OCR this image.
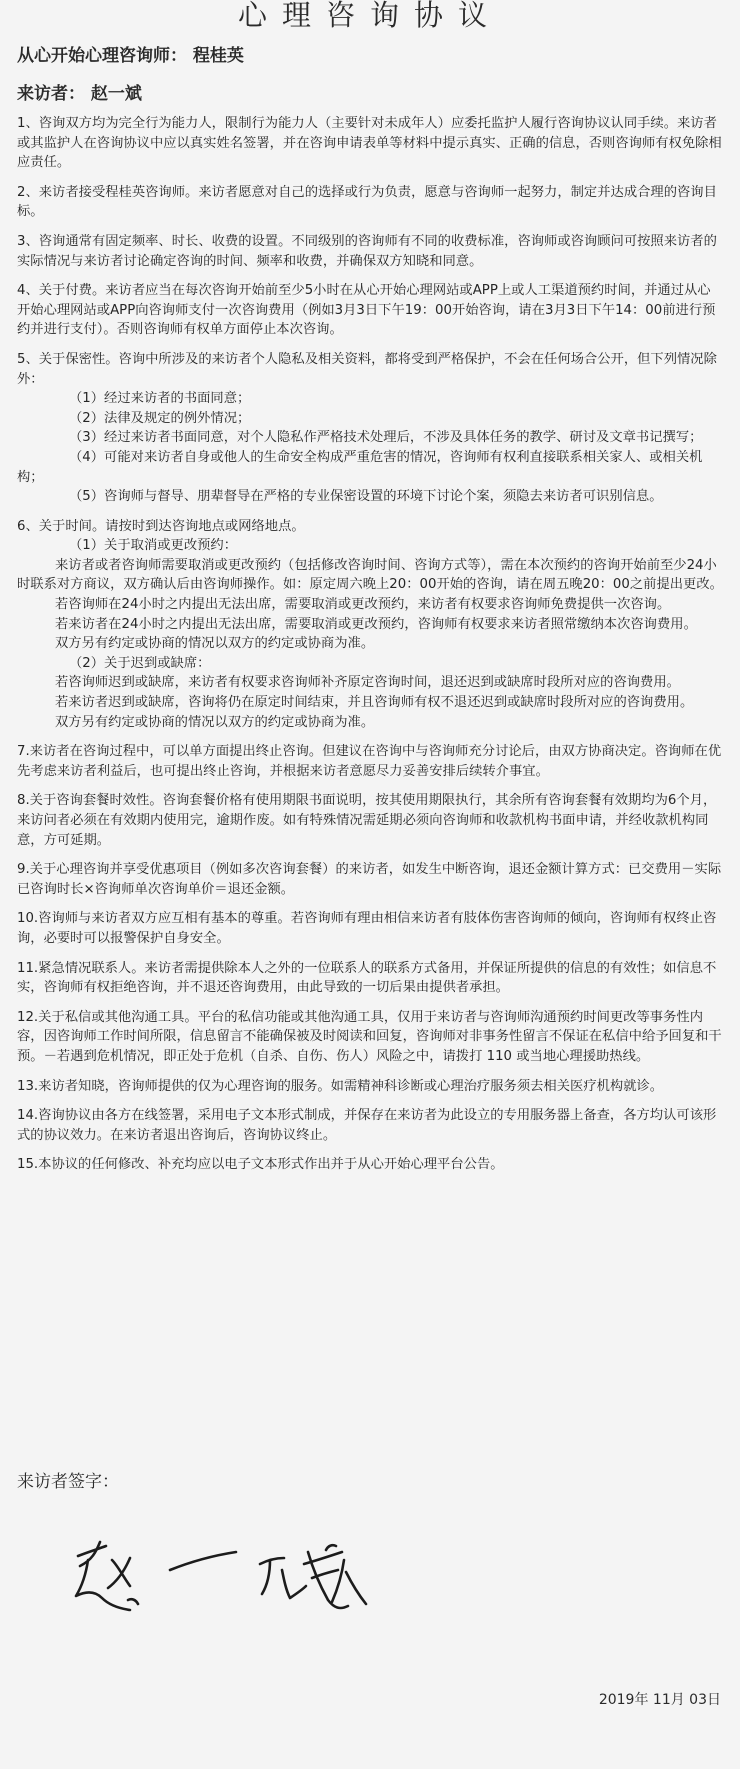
心理咨询协议
从心开始心理咨询师： 程桂英
来访者： 赵一斌

1、咨询双方均为完全行为能力人，限制行为能力人（主要针对未成年人）应委托监护人履行咨询协议认同手续。来访者或其监护人在咨询协议中应以真实姓名签署，并在咨询申请表单等材料中提示真实、正确的信息，否则咨询师有权免除相应责任。

2、来访者接受程桂英咨询师。来访者愿意对自己的选择或行为负责，愿意与咨询师一起努力，制定并达成合理的咨询目标。

3、咨询通常有固定频率、时长、收费的设置。不同级别的咨询师有不同的收费标准，咨询师或咨询顾问可按照来访者的实际情况与来访者讨论确定咨询的时间、频率和收费，并确保双方知晓和同意。

4、关于付费。来访者应当在每次咨询开始前至少5小时在从心开始心理网站或APP上或人工渠道预约时间，并通过从心开始心理网站或APP向咨询师支付一次咨询费用（例如3月3日下午19：00开始咨询，请在3月3日下午14：00前进行预约并进行支付）。否则咨询师有权单方面停止本次咨询。

5、关于保密性。咨询中所涉及的来访者个人隐私及相关资料，都将受到严格保护，不会在任何场合公开，但下列情况除外：

（1）经过来访者的书面同意；

（2）法律及规定的例外情况；

（3）经过来访者书面同意，对个人隐私作严格技术处理后，不涉及具体任务的教学、研讨及文章书记撰写；

（4）可能对来访者自身或他人的生命安全构成严重危害的情况，咨询师有权利直接联系相关家人、或相关机构；

（5）咨询师与督导、朋辈督导在严格的专业保密设置的环境下讨论个案，须隐去来访者可识别信息。

6、关于时间。请按时到达咨询地点或网络地点。

（1）关于取消或更改预约：

来访者或者咨询师需要取消或更改预约（包括修改咨询时间、咨询方式等），需在本次预约的咨询开始前至少24小时联系对方商议，双方确认后由咨询师操作。如：原定周六晚上20：00开始的咨询，请在周五晚20：00之前提出更改。

若咨询师在24小时之内提出无法出席，需要取消或更改预约，来访者有权要求咨询师免费提供一次咨询。

若来访者在24小时之内提出无法出席，需要取消或更改预约，咨询师有权要求来访者照常缴纳本次咨询费用。

双方另有约定或协商的情况以双方的约定或协商为准。

（2）关于迟到或缺席：

若咨询师迟到或缺席，来访者有权要求咨询师补齐原定咨询时间，退还迟到或缺席时段所对应的咨询费用。

若来访者迟到或缺席，咨询将仍在原定时间结束，并且咨询师有权不退还迟到或缺席时段所对应的咨询费用。

双方另有约定或协商的情况以双方的约定或协商为准。

7.来访者在咨询过程中，可以单方面提出终止咨询。但建议在咨询中与咨询师充分讨论后，由双方协商决定。咨询师在优先考虑来访者利益后，也可提出终止咨询，并根据来访者意愿尽力妥善安排后续转介事宜。

8.关于咨询套餐时效性。咨询套餐价格有使用期限书面说明，按其使用期限执行，其余所有咨询套餐有效期均为6个月，来访问者必须在有效期内使用完，逾期作废。如有特殊情况需延期必须向咨询师和收款机构书面申请，并经收款机构同意，方可延期。

9.关于心理咨询并享受优惠项目（例如多次咨询套餐）的来访者，如发生中断咨询，退还金额计算方式：已交费用－实际已咨询时长×咨询师单次咨询单价＝退还金额。

10.咨询师与来访者双方应互相有基本的尊重。若咨询师有理由相信来访者有肢体伤害咨询师的倾向，咨询师有权终止咨询，必要时可以报警保护自身安全。

11.紧急情况联系人。来访者需提供除本人之外的一位联系人的联系方式备用，并保证所提供的信息的有效性；如信息不实，咨询师有权拒绝咨询，并不退还咨询费用，由此导致的一切后果由提供者承担。

12.关于私信或其他沟通工具。平台的私信功能或其他沟通工具，仅用于来访者与咨询师沟通预约时间更改等事务性内容，因咨询师工作时间所限，信息留言不能确保被及时阅读和回复，咨询师对非事务性留言不保证在私信中给予回复和干预。－若遇到危机情况，即正处于危机（自杀、自伤、伤人）风险之中，请拨打 110 或当地心理援助热线。

13.来访者知晓，咨询师提供的仅为心理咨询的服务。如需精神科诊断或心理治疗服务须去相关医疗机构就诊。

14.咨询协议由各方在线签署，采用电子文本形式制成，并保存在来访者为此设立的专用服务器上备查，各方均认可该形式的协议效力。在来访者退出咨询后，咨询协议终止。

15.本协议的任何修改、补充均应以电子文本形式作出并于从心开始心理平台公告。

来访者签字：
2019年 11月 03日
